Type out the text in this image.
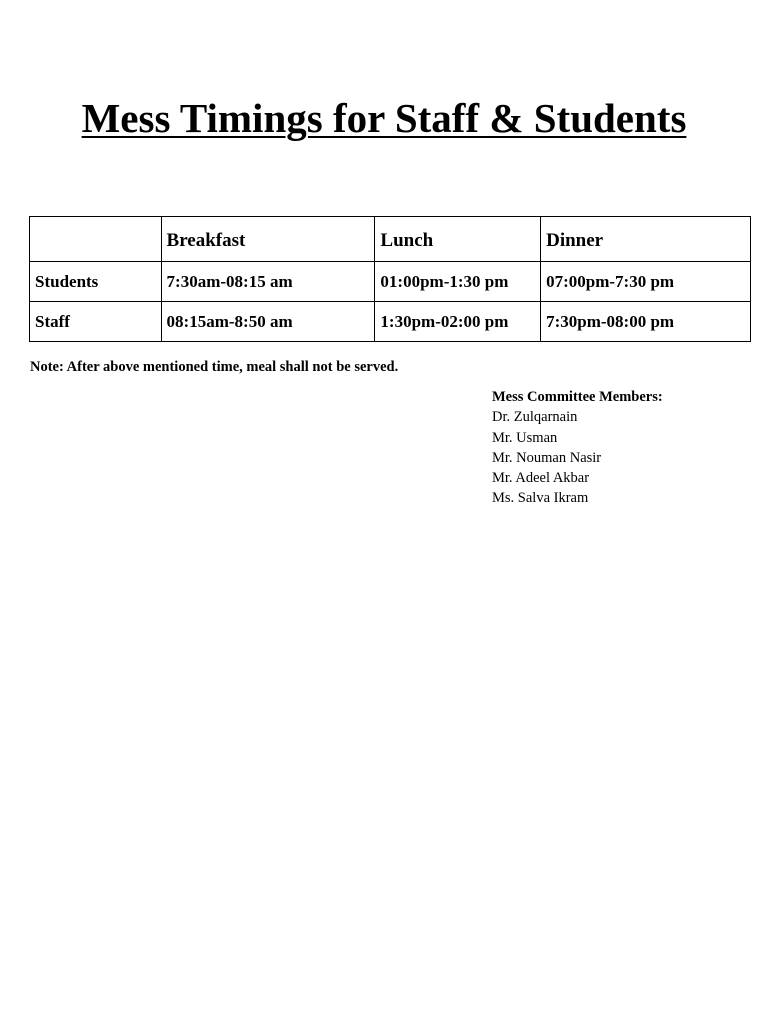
Mess Timings for Staff & Students
	Breakfast	Lunch	Dinner
Students	7:30am-08:15 am	01:00pm-1:30 pm	07:00pm-7:30 pm
Staff	08:15am-8:50 am	1:30pm-02:00 pm	7:30pm-08:00 pm

Note: After above mentioned time, meal shall not be served.

Mess Committee Members:

Dr. Zulqarnain
Mr. Usman
Mr. Nouman Nasir
Mr. Adeel Akbar
Ms. Salva Ikram
